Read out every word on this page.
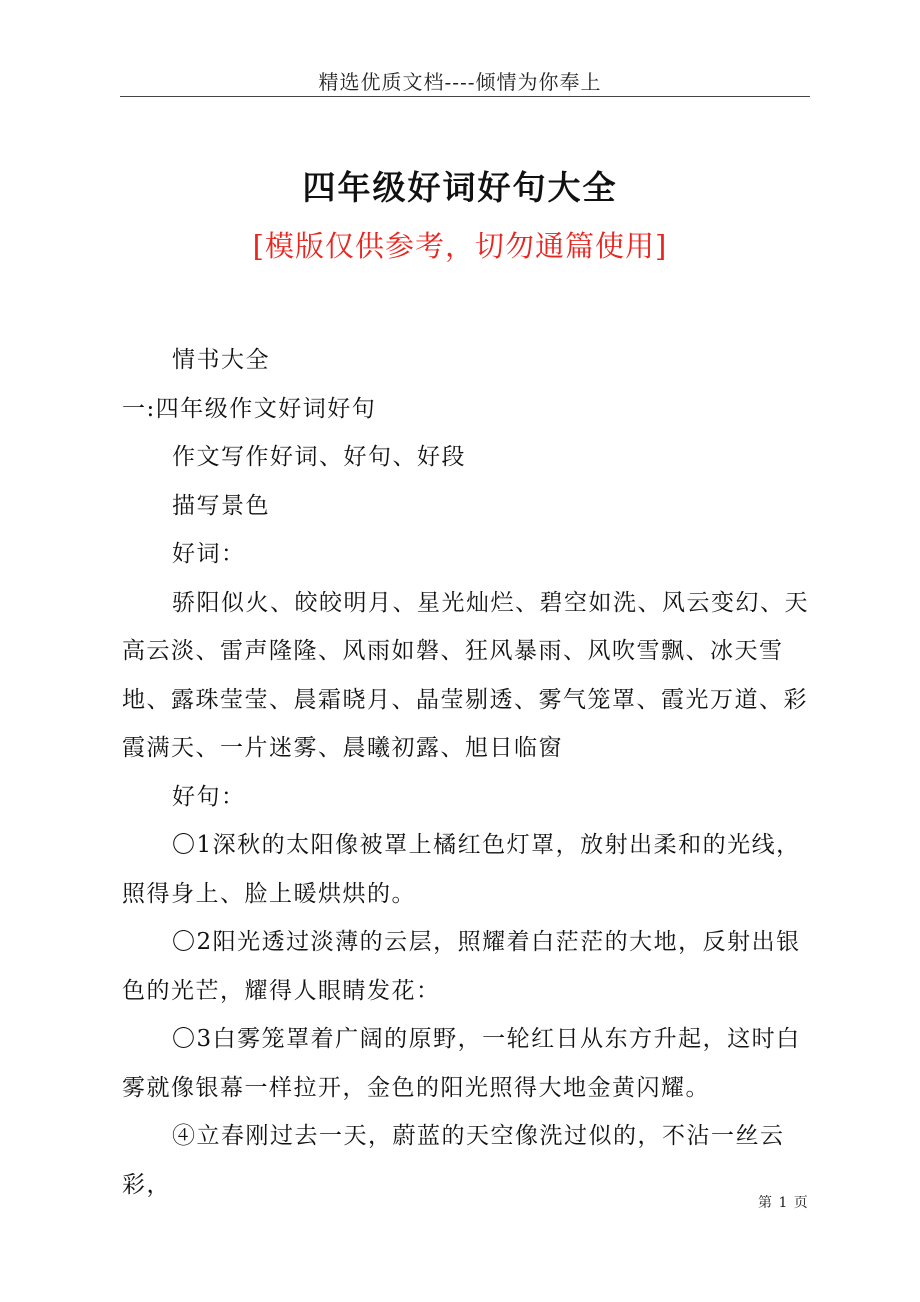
精选优质文档----倾情为你奉上
四年级好词好句大全
[模版仅供参考，切勿通篇使用]

情书大全

一:四年级作文好词好句

作文写作好词、好句、好段

描写景色

好词：

骄阳似火、皎皎明月、星光灿烂、碧空如洗、风云变幻、天高云淡、雷声隆隆、风雨如磐、狂风暴雨、风吹雪飘、冰天雪地、露珠莹莹、晨霜晓月、晶莹剔透、雾气笼罩、霞光万道、彩霞满天、一片迷雾、晨曦初露、旭日临窗

好句：

〇1深秋的太阳像被罩上橘红色灯罩，放射出柔和的光线，照得身上、脸上暖烘烘的。

〇2阳光透过淡薄的云层，照耀着白茫茫的大地，反射出银色的光芒，耀得人眼睛发花：

〇3白雾笼罩着广阔的原野，一轮红日从东方升起，这时白雾就像银幕一样拉开，金色的阳光照得大地金黄闪耀。

④立春刚过去一天，蔚蓝的天空像洗过似的，不沾一丝云彩，

第 1 页
